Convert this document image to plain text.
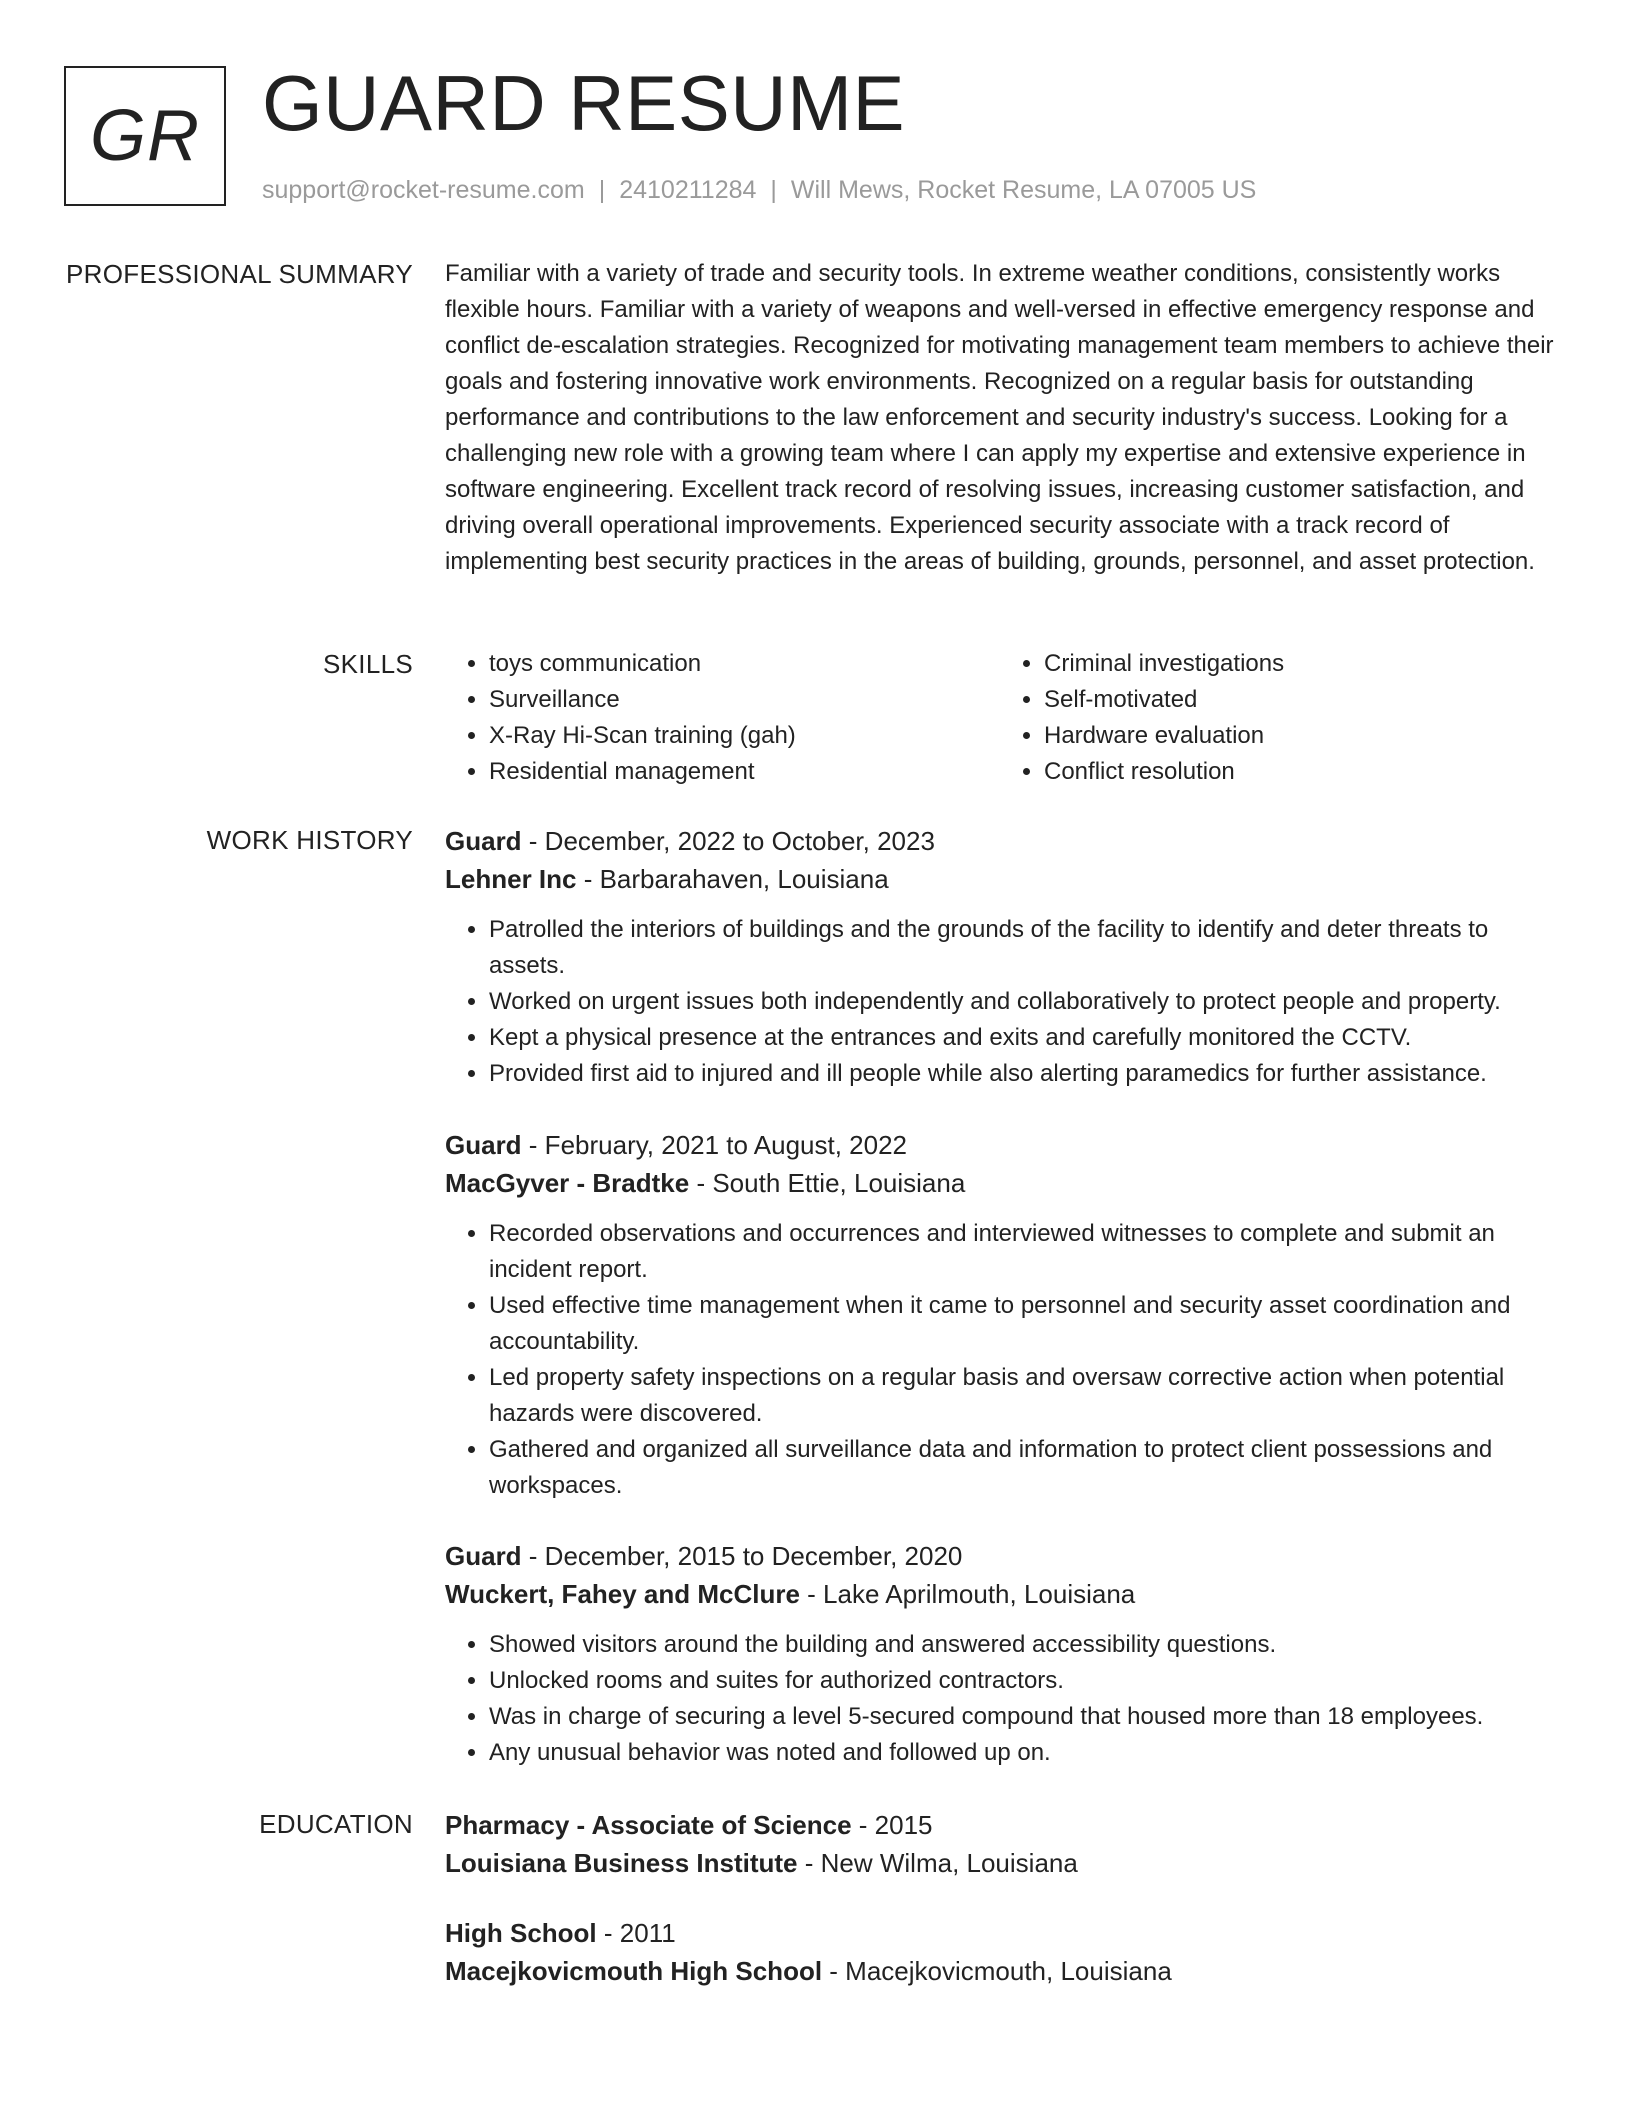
GR GUARD RESUME
support@rocket-resume.com | 2410211284 | Will Mews, Rocket Resume, LA 07005 US
PROFESSIONAL SUMMARY Familiar with a variety of trade and security tools. In extreme weather conditions, consistently works flexible hours. Familiar with a variety of weapons and well-versed in effective emergency response and conflict de-escalation strategies. Recognized for motivating management team members to achieve their goals and fostering innovative work environments. Recognized on a regular basis for outstanding performance and contributions to the law enforcement and security industry's success. Looking for a challenging new role with a growing team where I can apply my expertise and extensive experience in software engineering. Excellent track record of resolving issues, increasing customer satisfaction, and driving overall operational improvements. Experienced security associate with a track record of implementing best security practices in the areas of building, grounds, personnel, and asset protection.

SKILLS
•	toys communication
• Surveillance
• X-Ray Hi-Scan training (gah)
• Residential management
• Criminal investigations
• Self-motivated
• Hardware evaluation
• Conflict resolution
WORK HISTORY Guard - December, 2022 to October, 2023
Lehner Inc - Barbarahaven, Louisiana
• Patrolled the interiors of buildings and the grounds of the facility to identify and deter threats to assets.
• Worked on urgent issues both independently and collaboratively to protect people and property.
• Kept a physical presence at the entrances and exits and carefully monitored the CCTV.
• Provided first aid to injured and ill people while also alerting paramedics for further assistance.
Guard - February, 2021 to August, 2022
MacGyver - Bradtke - South Ettie, Louisiana
• Recorded observations and occurrences and interviewed witnesses to complete and submit an incident report.
• Used effective time management when it came to personnel and security asset coordination and accountability.
• Led property safety inspections on a regular basis and oversaw corrective action when potential hazards were discovered.
• Gathered and organized all surveillance data and information to protect client possessions and workspaces.
Guard - December, 2015 to December, 2020
Wuckert, Fahey and McClure - Lake Aprilmouth, Louisiana
• Showed visitors around the building and answered accessibility questions.
• Unlocked rooms and suites for authorized contractors.
• Was in charge of securing a level 5-secured compound that housed more than 18 employees.
• Any unusual behavior was noted and followed up on.
EDUCATION Pharmacy - Associate of Science - 2015
Louisiana Business Institute - New Wilma, Louisiana
High School - 2011
Macejkovicmouth High School - Macejkovicmouth, Louisiana
